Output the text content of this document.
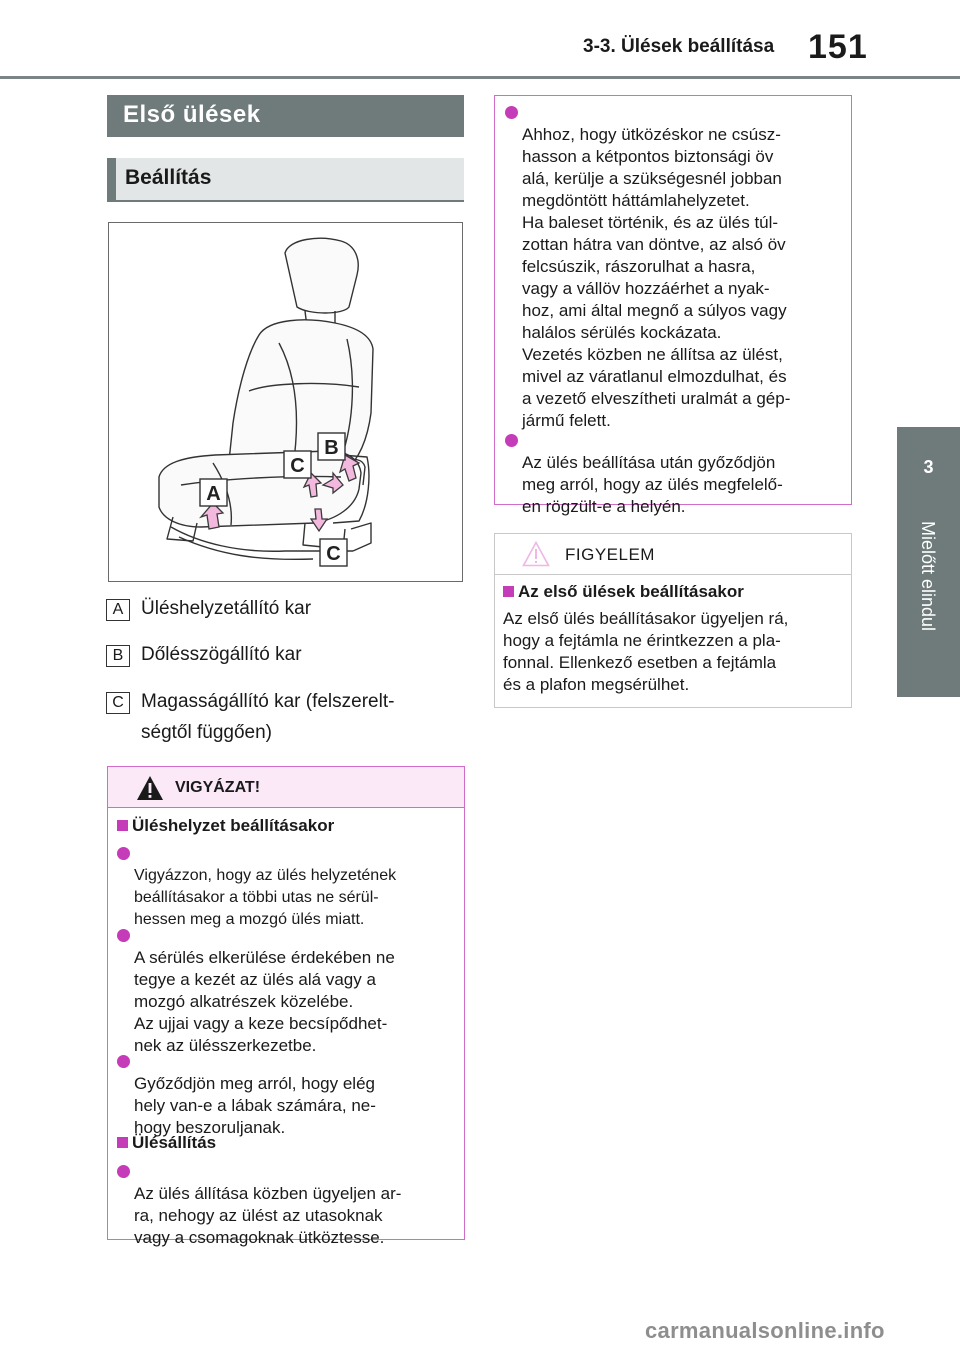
3-3. Ülések beállítása 151
3
Mielőtt elindul
Első ülések
Beállítás
A
B
C
C
A Üléshelyzetállító kar
B Dőlésszögállító kar
C Magasságállító kar (felszerelt-
ségtől függően)
VIGYÁZAT!
Üléshelyzet beállításakor

Vigyázzon, hogy az ülés helyzetének
beállításakor a többi utas ne sérül-
hessen meg a mozgó ülés miatt.

A sérülés elkerülése érdekében ne
tegye a kezét az ülés alá vagy a
mozgó alkatrészek közelébe.
Az ujjai vagy a keze becsípődhet-
nek az ülésszerkezetbe.

Győződjön meg arról, hogy elég
hely van-e a lábak számára, ne-
hogy beszoruljanak.

Ülésállítás

Az ülés állítása közben ügyeljen ar-
ra, nehogy az ülést az utasoknak
vagy a csomagoknak ütköztesse.

Ahhoz, hogy ütközéskor ne csúsz-
hasson a kétpontos biztonsági öv
alá, kerülje a szükségesnél jobban
megdöntött háttámlahelyzetet.
Ha baleset történik, és az ülés túl-
zottan hátra van döntve, az alsó öv
felcsúszik, rászorulhat a hasra,
vagy a vállöv hozzáérhet a nyak-
hoz, ami által megnő a súlyos vagy
halálos sérülés kockázata.
Vezetés közben ne állítsa az ülést,
mivel az váratlanul elmozdulhat, és
a vezető elveszítheti uralmát a gép-
jármű felett.

Az ülés beállítása után győződjön
meg arról, hogy az ülés megfelelő-
en rögzült-e a helyén.

FIGYELEM
Az első ülések beállításakor
Az első ülés beállításakor ügyeljen rá,
hogy a fejtámla ne érintkezzen a pla-
fonnal. Ellenkező esetben a fejtámla
és a plafon megsérülhet.
carmanualsonline.info
